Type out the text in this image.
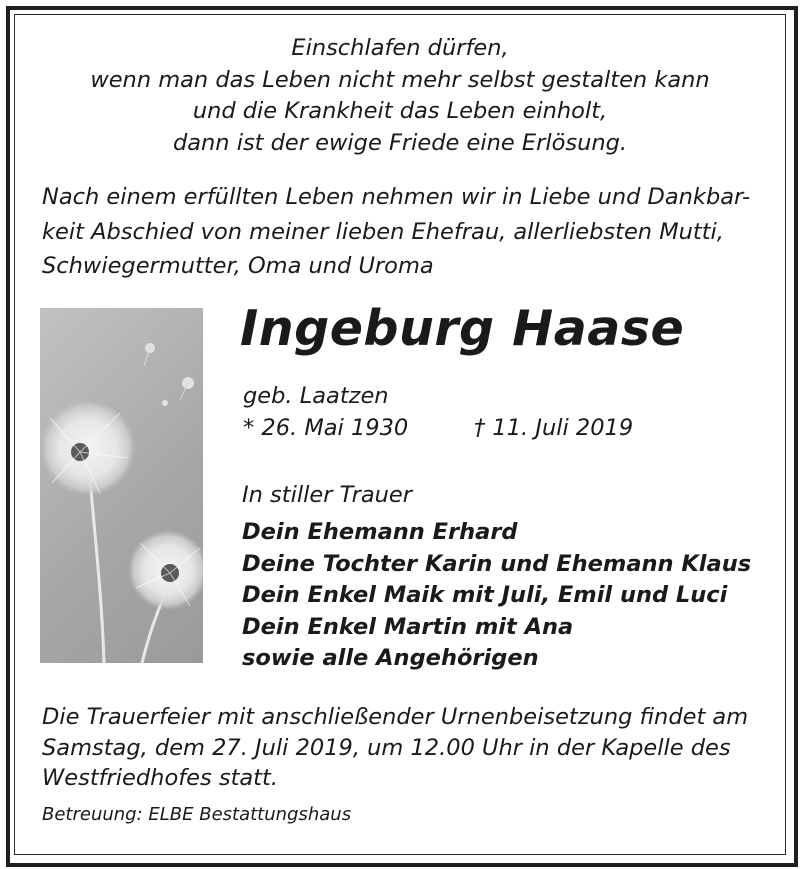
Einschlafen dürfen,
wenn man das Leben nicht mehr selbst gestalten kann
und die Krankheit das Leben einholt,
dann ist der ewige Friede eine Erlösung.
Nach einem erfüllten Leben nehmen wir in Liebe und Dankbar-
keit Abschied von meiner lieben Ehefrau, allerliebsten Mutti,
Schwiegermutter, Oma und Uroma
Ingeburg Haase
geb. Laatzen
* 26. Mai 1930	† 11. Juli 2019
In stiller Trauer
Dein Ehemann Erhard
Deine Tochter Karin und Ehemann Klaus
Dein Enkel Maik mit Juli, Emil und Luci
Dein Enkel Martin mit Ana
sowie alle Angehörigen
Die Trauerfeier mit anschließender Urnenbeisetzung findet am
Samstag, dem 27. Juli 2019, um 12.00 Uhr in der Kapelle des
Westfriedhofes statt.
Betreuung: ELBE Bestattungshaus
